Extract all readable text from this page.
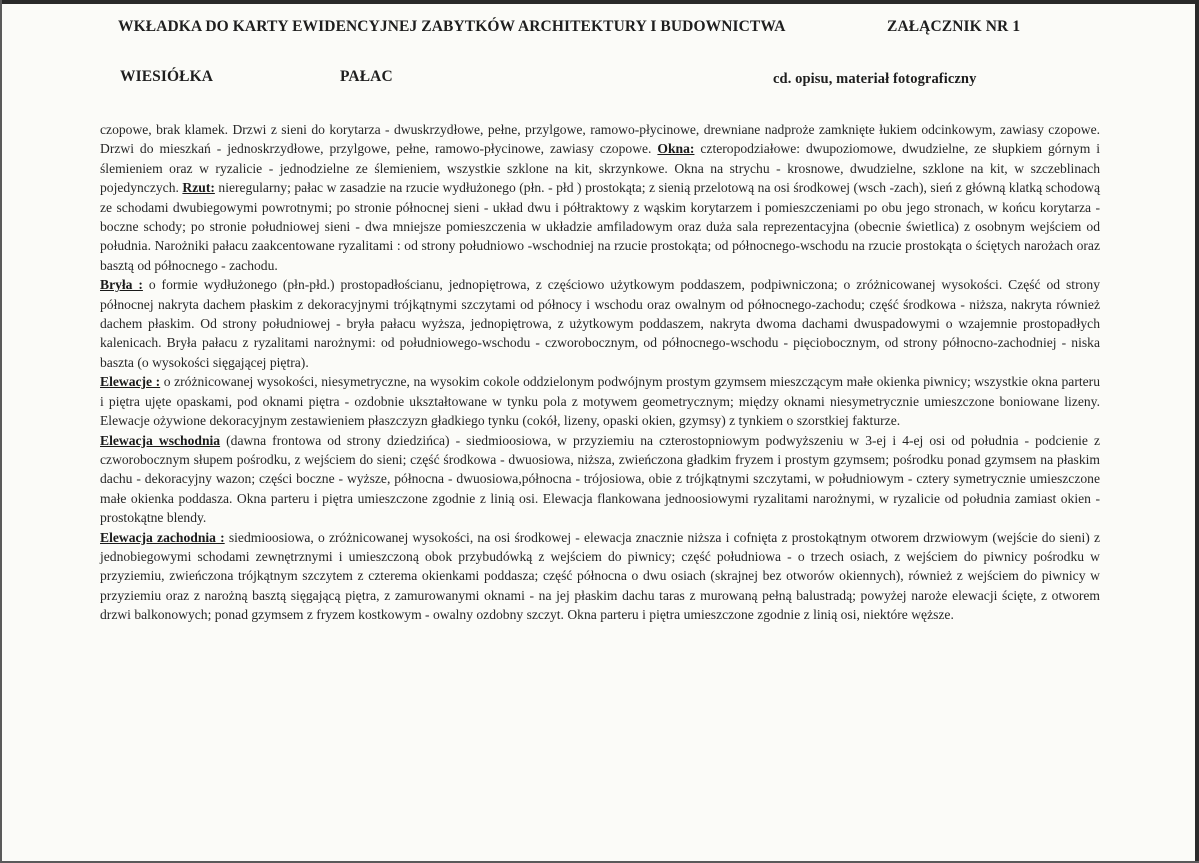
WKŁADKA DO KARTY EWIDENCYJNEJ ZABYTKÓW ARCHITEKTURY I BUDOWNICTWA	ZAŁĄCZNIK NR 1
WIESIÓŁKA	PAŁAC	cd. opisu, materiał fotograficzny

czopowe, brak klamek. Drzwi z sieni do korytarza - dwuskrzydłowe, pełne, przylgowe, ramowo-płycinowe, drewniane nadproże zamknięte łukiem odcinkowym, zawiasy czopowe. Drzwi do mieszkań - jednoskrzydłowe, przylgowe, pełne, ramowo-płycinowe, zawiasy czopowe. Okna: czteropodziałowe: dwupoziomowe, dwudzielne, ze słupkiem górnym i ślemieniem oraz w ryzalicie - jednodzielne ze ślemieniem, wszystkie szklone na kit, skrzynkowe. Okna na strychu - krosnowe, dwudzielne, szklone na kit, w szczeblinach pojedynczych. Rzut: nieregularny; pałac w zasadzie na rzucie wydłużonego (płn. - płd ) prostokąta; z sienią przelotową na osi środkowej (wsch -zach), sień z główną klatką schodową ze schodami dwubiegowymi powrotnymi; po stronie północnej sieni - układ dwu i półtraktowy z wąskim korytarzem i pomieszczeniami po obu jego stronach, w końcu korytarza - boczne schody; po stronie południowej sieni - dwa mniejsze pomieszczenia w układzie amfiladowym oraz duża sala reprezentacyjna (obecnie świetlica) z osobnym wejściem od południa. Narożniki pałacu zaakcentowane ryzalitami : od strony południowo -wschodniej na rzucie prostokąta; od północnego-wschodu na rzucie prostokąta o ściętych narożach oraz basztą od północnego - zachodu.

Bryła : o formie wydłużonego (płn-płd.) prostopadłościanu, jednopiętrowa, z częściowo użytkowym poddaszem, podpiwniczona; o zróżnicowanej wysokości. Część od strony północnej nakryta dachem płaskim z dekoracyjnymi trójkątnymi szczytami od północy i wschodu oraz owalnym od północnego-zachodu; część środkowa - niższa, nakryta również dachem płaskim. Od strony południowej - bryła pałacu wyższa, jednopiętrowa, z użytkowym poddaszem, nakryta dwoma dachami dwuspadowymi o wzajemnie prostopadłych kalenicach. Bryła pałacu z ryzalitami narożnymi: od południowego-wschodu - czworobocznym, od północnego-wschodu - pięciobocznym, od strony północno-zachodniej - niska baszta (o wysokości sięgającej piętra).

Elewacje : o zróżnicowanej wysokości, niesymetryczne, na wysokim cokole oddzielonym podwójnym prostym gzymsem mieszczącym małe okienka piwnicy; wszystkie okna parteru i piętra ujęte opaskami, pod oknami piętra - ozdobnie ukształtowane w tynku pola z motywem geometrycznym; między oknami niesymetrycznie umieszczone boniowane lizeny. Elewacje ożywione dekoracyjnym zestawieniem płaszczyzn gładkiego tynku (cokół, lizeny, opaski okien, gzymsy) z tynkiem o szorstkiej fakturze.

Elewacja wschodnia (dawna frontowa od strony dziedzińca) - siedmioosiowa, w przyziemiu na czterostopniowym podwyższeniu w 3-ej i 4-ej osi od południa - podcienie z czworobocznym słupem pośrodku, z wejściem do sieni; część środkowa - dwuosiowa, niższa, zwieńczona gładkim fryzem i prostym gzymsem; pośrodku ponad gzymsem na płaskim dachu - dekoracyjny wazon; części boczne - wyższe, północna - dwuosiowa,północna - trójosiowa, obie z trójkątnymi szczytami, w południowym - cztery symetrycznie umieszczone małe okienka poddasza. Okna parteru i piętra umieszczone zgodnie z linią osi. Elewacja flankowana jednoosiowymi ryzalitami narożnymi, w ryzalicie od południa zamiast okien - prostokątne blendy.

Elewacja zachodnia : siedmioosiowa, o zróżnicowanej wysokości, na osi środkowej - elewacja znacznie niższa i cofnięta z prostokątnym otworem drzwiowym (wejście do sieni) z jednobiegowymi schodami zewnętrznymi i umieszczoną obok przybudówką z wejściem do piwnicy; część południowa - o trzech osiach, z wejściem do piwnicy pośrodku w przyziemiu, zwieńczona trójkątnym szczytem z czterema okienkami poddasza; część północna o dwu osiach (skrajnej bez otworów okiennych), również z wejściem do piwnicy w przyziemiu oraz z narożną basztą sięgającą piętra, z zamurowanymi oknami - na jej płaskim dachu taras z murowaną pełną balustradą; powyżej naroże elewacji ścięte, z otworem drzwi balkonowych; ponad gzymsem z fryzem kostkowym - owalny ozdobny szczyt. Okna parteru i piętra umieszczone zgodnie z linią osi, niektóre węższe.
